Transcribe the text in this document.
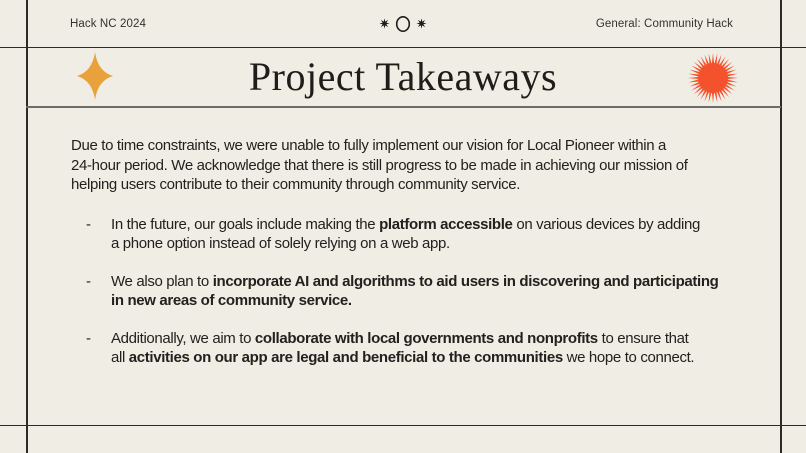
Hack NC 2024	General: Community Hack
Project Takeaways
Due to time constraints, we were unable to fully implement our vision for Local Pioneer within a
24-hour period. We acknowledge that there is still progress to be made in achieving our mission of
helping users contribute to their community through community service.
-	In the future, our goals include making the platform accessible on various devices by adding
a phone option instead of solely relying on a web app.
-	We also plan to incorporate AI and algorithms to aid users in discovering and participating
in new areas of community service.
-	Additionally, we aim to collaborate with local governments and nonprofits to ensure that
all activities on our app are legal and beneficial to the communities we hope to connect.
